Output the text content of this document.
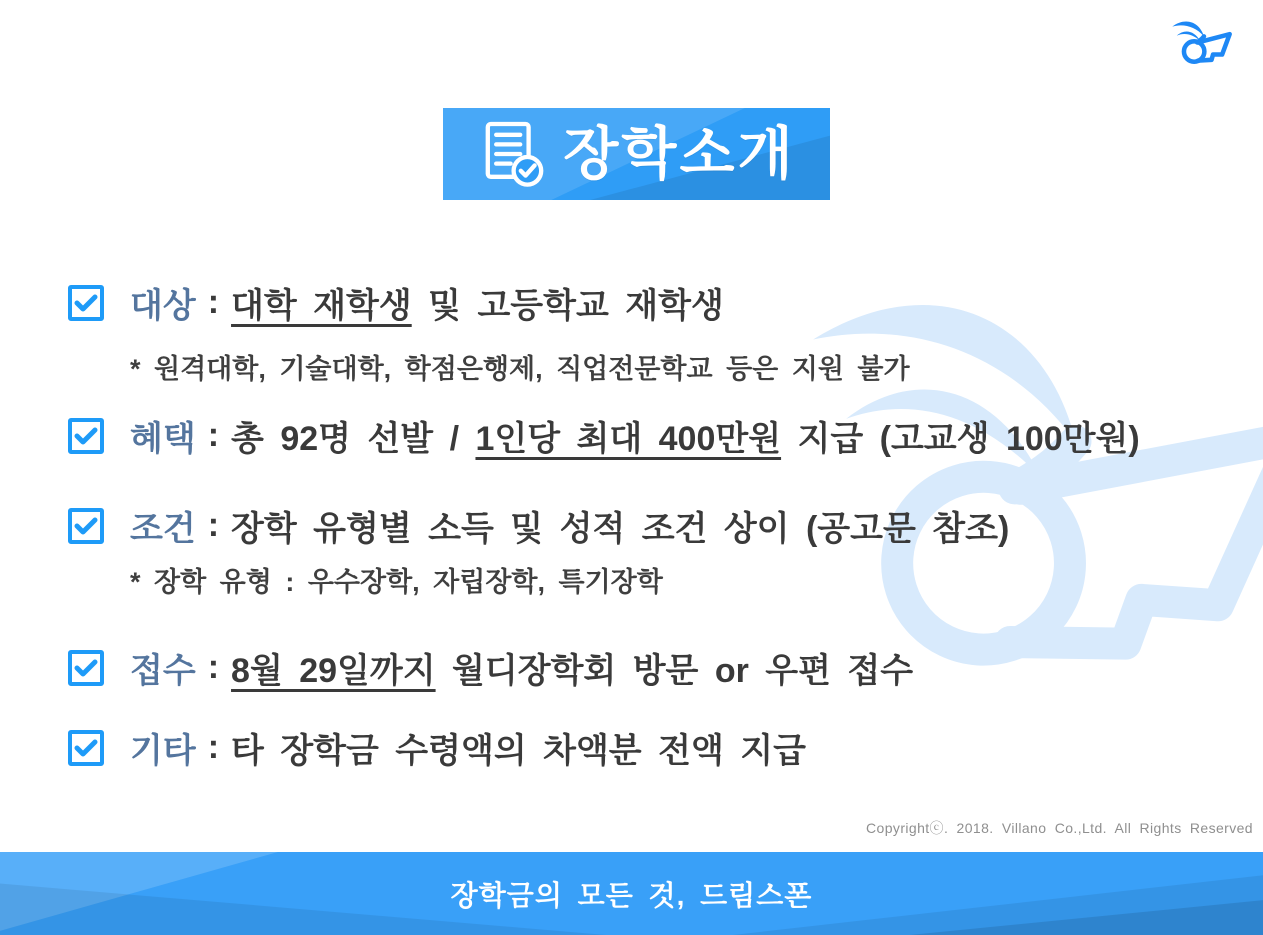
장학소개
대상 : 대학 재학생 및 고등학교 재학생
* 원격대학, 기술대학, 학점은행제, 직업전문학교 등은 지원 불가
혜택 : 총 92명 선발 / 1인당 최대 400만원 지급 (고교생 100만원)
조건 : 장학 유형별 소득 및 성적 조건 상이 (공고문 참조)
* 장학 유형 : 우수장학, 자립장학, 특기장학
접수 : 8월 29일까지 월디장학회 방문 or 우편 접수
기타 : 타 장학금 수령액의 차액분 전액 지급
Copyrightⓒ. 2018. Villano Co.,Ltd. All Rights Reserved
장학금의 모든 것, 드림스폰
